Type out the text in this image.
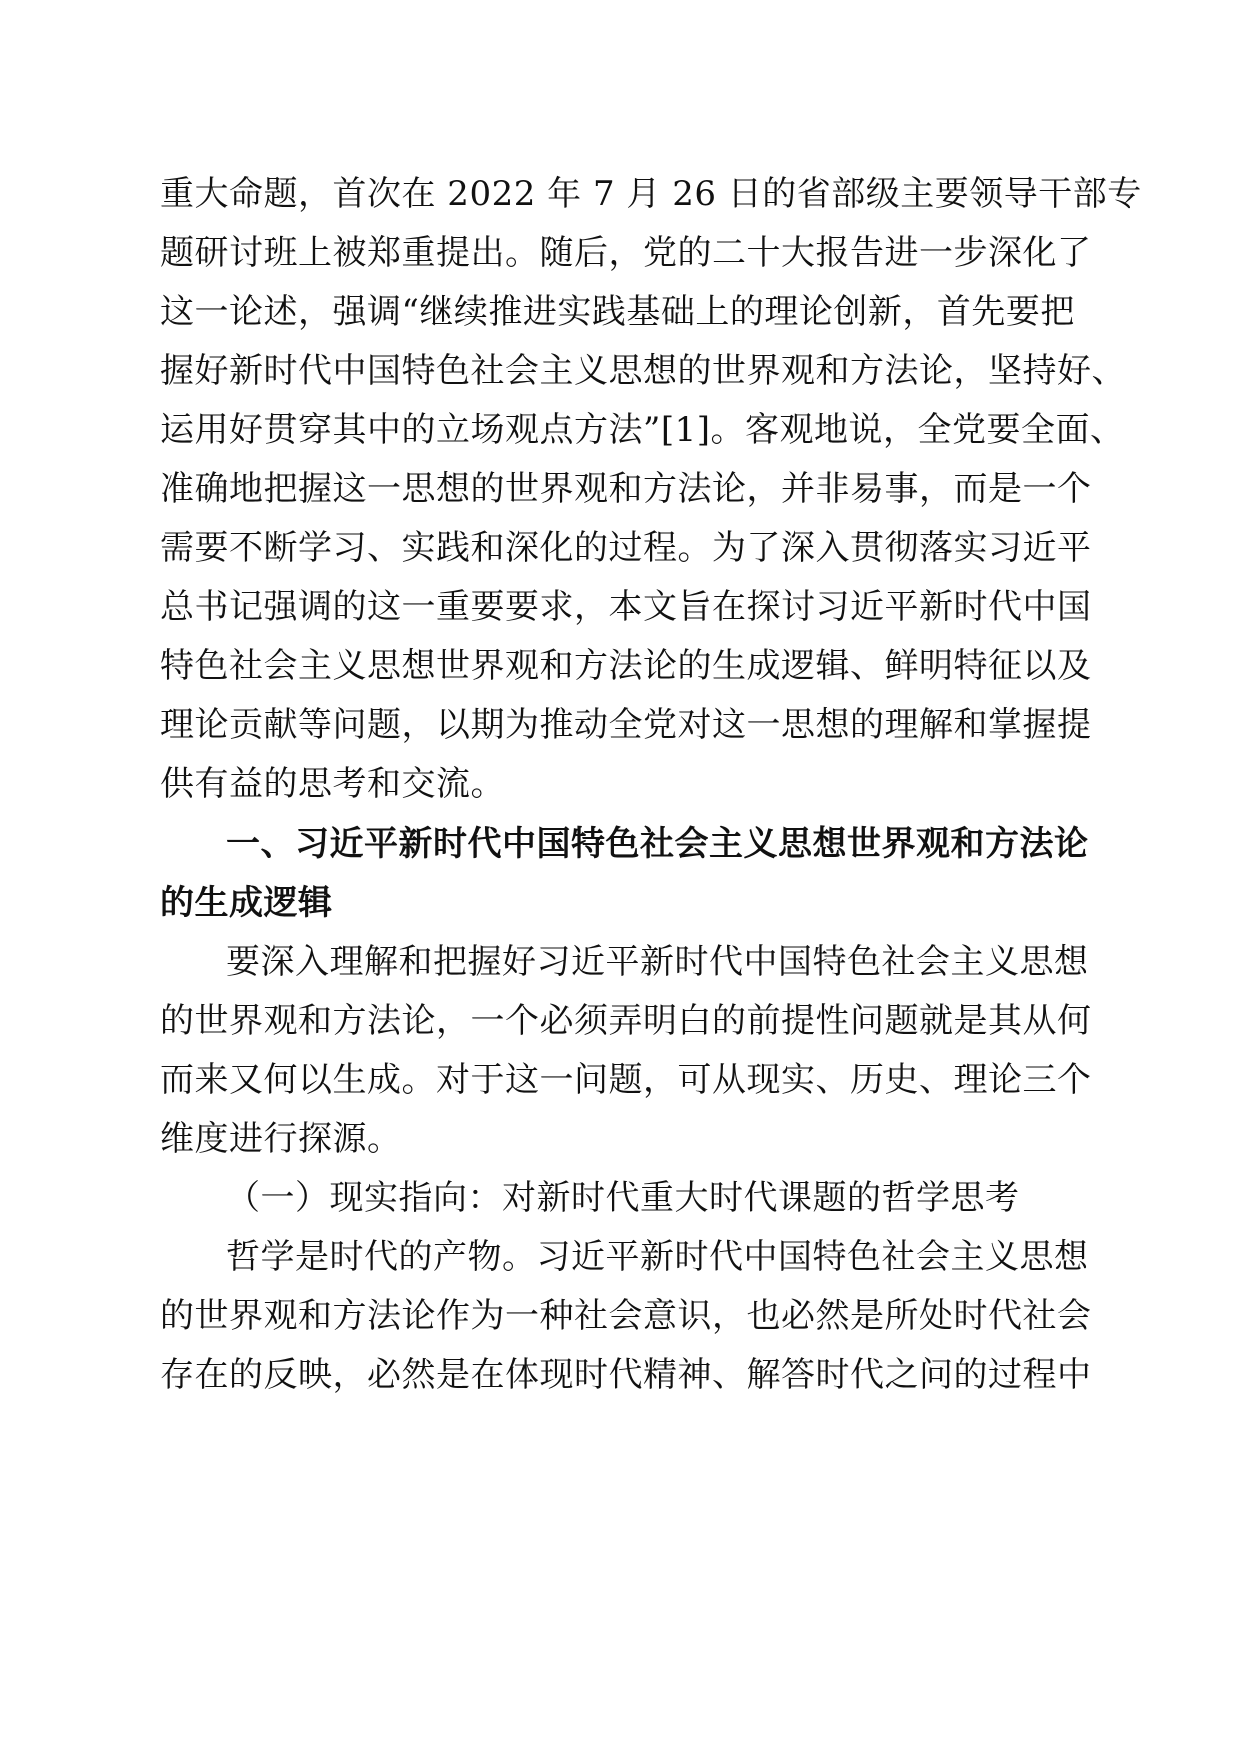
重大命题，首次在 2022 年 7 月 26 日的省部级主要领导干部专
题研讨班上被郑重提出。随后，党的二十大报告进一步深化了
这一论述，强调“继续推进实践基础上的理论创新，首先要把
握好新时代中国特色社会主义思想的世界观和方法论，坚持好、
运用好贯穿其中的立场观点方法”[1]。客观地说，全党要全面、
准确地把握这一思想的世界观和方法论，并非易事，而是一个
需要不断学习、实践和深化的过程。为了深入贯彻落实习近平
总书记强调的这一重要要求，本文旨在探讨习近平新时代中国
特色社会主义思想世界观和方法论的生成逻辑、鲜明特征以及
理论贡献等问题，以期为推动全党对这一思想的理解和掌握提
供有益的思考和交流。
一、习近平新时代中国特色社会主义思想世界观和方法论
的生成逻辑
要深入理解和把握好习近平新时代中国特色社会主义思想
的世界观和方法论，一个必须弄明白的前提性问题就是其从何
而来又何以生成。对于这一问题，可从现实、历史、理论三个
维度进行探源。
（一）现实指向：对新时代重大时代课题的哲学思考
哲学是时代的产物。习近平新时代中国特色社会主义思想
的世界观和方法论作为一种社会意识，也必然是所处时代社会
存在的反映，必然是在体现时代精神、解答时代之问的过程中
